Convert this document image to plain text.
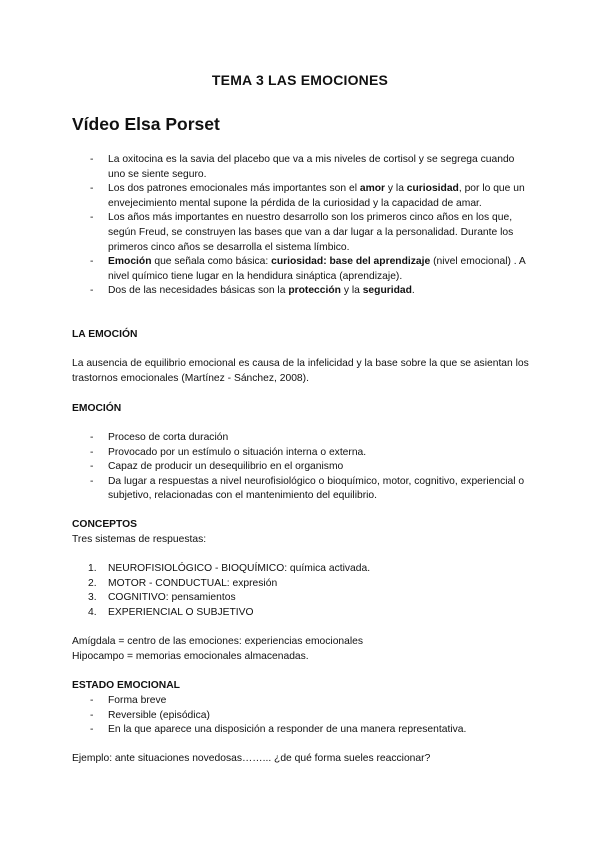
TEMA 3 LAS EMOCIONES
Vídeo Elsa Porset
- La oxitocina es la savia del placebo que va a mis niveles de cortisol y se segrega cuando uno se siente seguro.
- Los dos patrones emocionales más importantes son el amor y la curiosidad, por lo que un envejecimiento mental supone la pérdida de la curiosidad y la capacidad de amar.
- Los años más importantes en nuestro desarrollo son los primeros cinco años en los que, según Freud, se construyen las bases que van a dar lugar a la personalidad. Durante los primeros cinco años se desarrolla el sistema límbico.
- Emoción que señala como básica: curiosidad: base del aprendizaje (nivel emocional) . A nivel químico tiene lugar en la hendidura sináptica (aprendizaje).
- Dos de las necesidades básicas son la protección y la seguridad.
LA EMOCIÓN
La ausencia de equilibrio emocional es causa de la infelicidad y la base sobre la que se asientan los trastornos emocionales (Martínez - Sánchez, 2008).
EMOCIÓN
- Proceso de corta duración
- Provocado por un estímulo o situación interna o externa.
- Capaz de producir un desequilibrio en el organismo
- Da lugar a respuestas a nivel neurofisiológico o bioquímico, motor, cognitivo, experiencial o subjetivo, relacionadas con el mantenimiento del equilibrio.
CONCEPTOS
Tres sistemas de respuestas:
1. NEUROFISIOLÓGICO - BIOQUÍMICO: química activada.
2. MOTOR - CONDUCTUAL: expresión
3. COGNITIVO: pensamientos
4. EXPERIENCIAL O SUBJETIVO
Amígdala = centro de las emociones: experiencias emocionales
Hipocampo = memorias emocionales almacenadas.
ESTADO EMOCIONAL
- Forma breve
- Reversible (episódica)
- En la que aparece una disposición a responder de una manera representativa.
Ejemplo: ante situaciones novedosas……... ¿de qué forma sueles reaccionar?
